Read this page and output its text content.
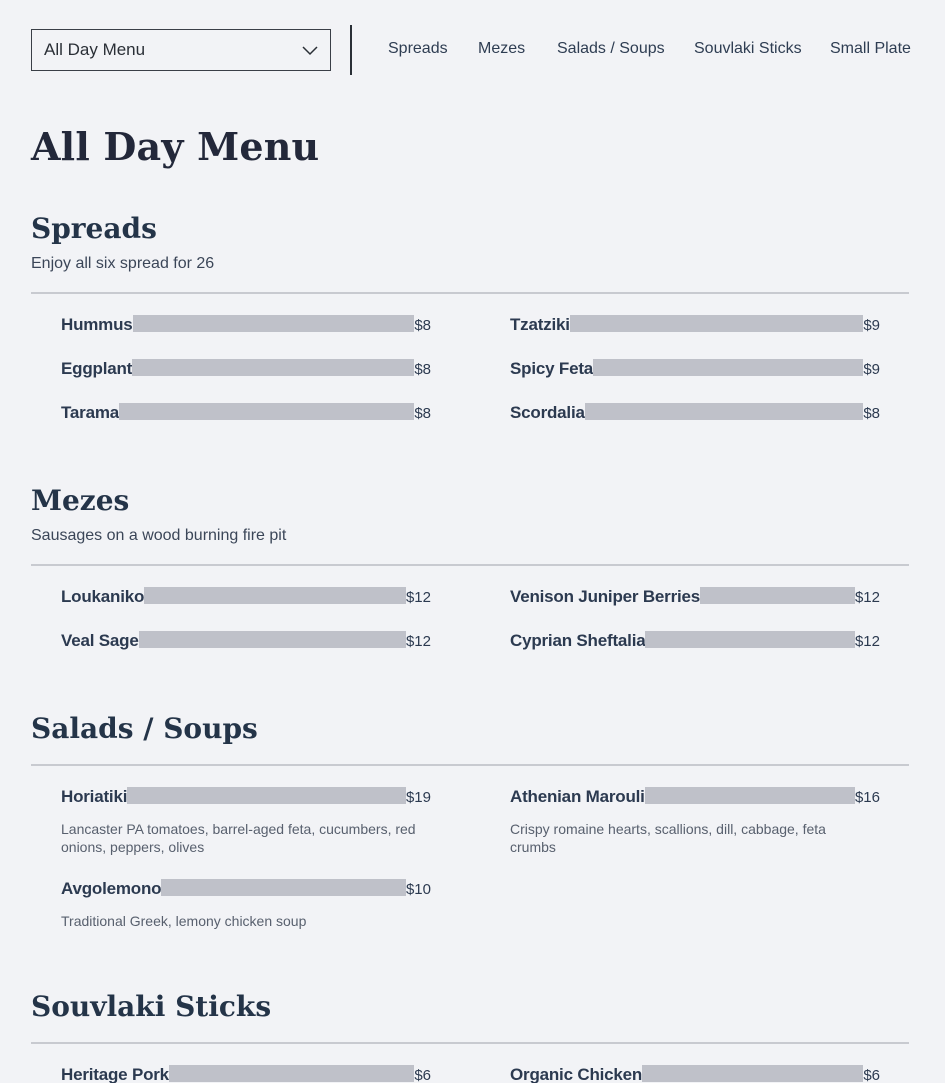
All Day Menu	Spreads Mezes Salads / Soups Souvlaki Sticks Small Plate
All Day Menu
Spreads
Enjoy all six spread for 26
Hummus	$8	Tzatziki	$9
Eggplant	$8	Spicy Feta	$9
Tarama	$8	Scordalia	$8
Mezes
Sausages on a wood burning fire pit
Loukaniko	$12	Venison Juniper Berries	$12
Veal Sage	$12	Cyprian Sheftalia	$12
Salads / Soups
Horiatiki	$19
Lancaster PA tomatoes, barrel-aged feta, cucumbers, red onions, peppers, olives
Athenian Marouli	$16
Crispy romaine hearts, scallions, dill, cabbage, feta crumbs
Avgolemono	$10
Traditional Greek, lemony chicken soup
Souvlaki Sticks
Heritage Pork	$6	Organic Chicken	$6
